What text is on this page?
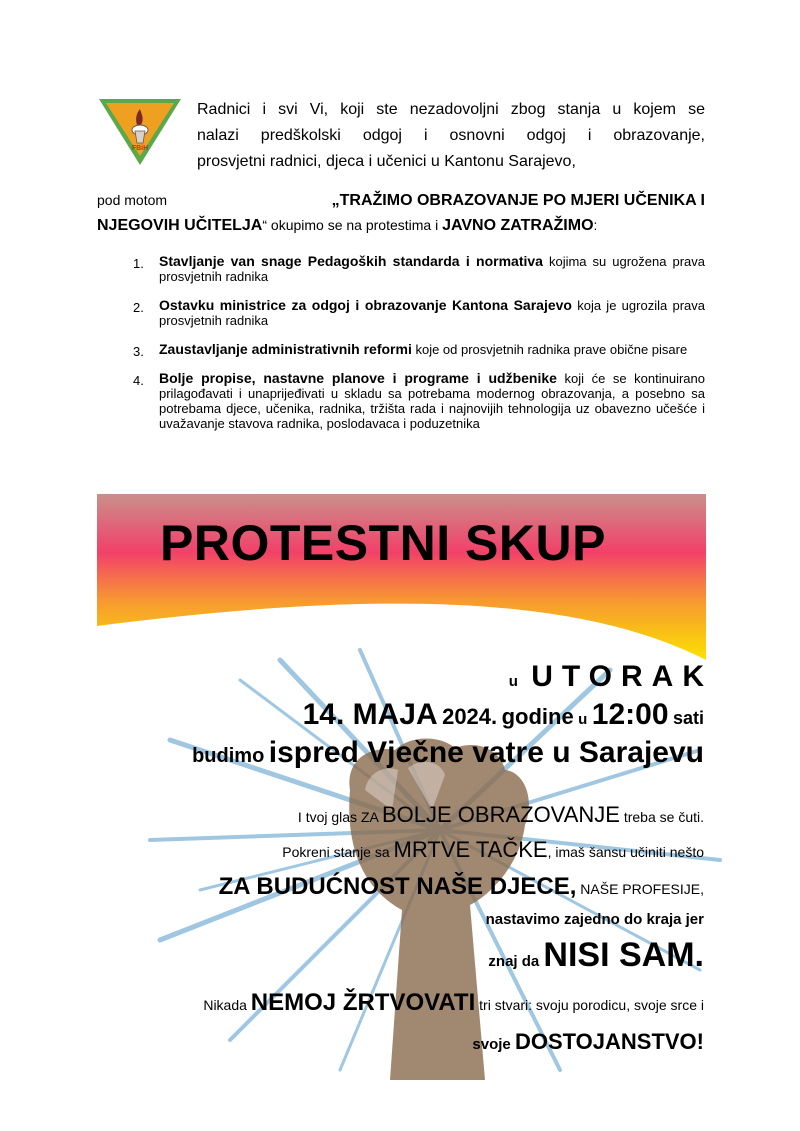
FBiH
Radnici i svi Vi, koji ste nezadovoljni zbog stanja u kojem se
nalazi predškolski odgoj i osnovni odgoj i obrazovanje,
prosvjetni radnici, djeca i učenici u Kantonu Sarajevo,
pod motom	„TRAŽIMO OBRAZOVANJE PO MJERI UČENIKA I
NJEGOVIH UČITELJA “ okupimo se na protestima i JAVNO ZATRAŽIMO :
1. Stavljanje van snage Pedagoških standarda i normativa kojima su ugrožena prava prosvjetnih radnika
2. Ostavku ministrice za odgoj i obrazovanje Kantona Sarajevo koja je ugrozila prava prosvjetnih radnika
3. Zaustavljanje administrativnih reformi koje od prosvjetnih radnika prave obične pisare
4. Bolje propise, nastavne planove i programe i udžbenike koji će se kontinuirano prilagođavati i unaprijeđivati u skladu sa potrebama modernog obrazovanja, a posebno sa potrebama djece, učenika, radnika, tržišta rada i najnovijih tehnologija uz obavezno učešće i uvažavanje stavova radnika, poslodavaca i poduzetnika
PROTESTNI SKUP
u UTORAK
14. MAJA 2024. godine u 12:00 sati
budimo ispred Vječne vatre u Sarajevu
I tvoj glas ZA BOLJE OBRAZOVANJE treba se čuti.
Pokreni stanje sa MRTVE TAČKE, imaš šansu učiniti nešto
ZA BUDUĆNOST NAŠE DJECE, NAŠE PROFESIJE,
nastavimo zajedno do kraja jer
znaj da NISI SAM.
Nikada NEMOJ ŽRTVOVATI tri stvari: svoju porodicu, svoje srce i
svoje DOSTOJANSTVO!
